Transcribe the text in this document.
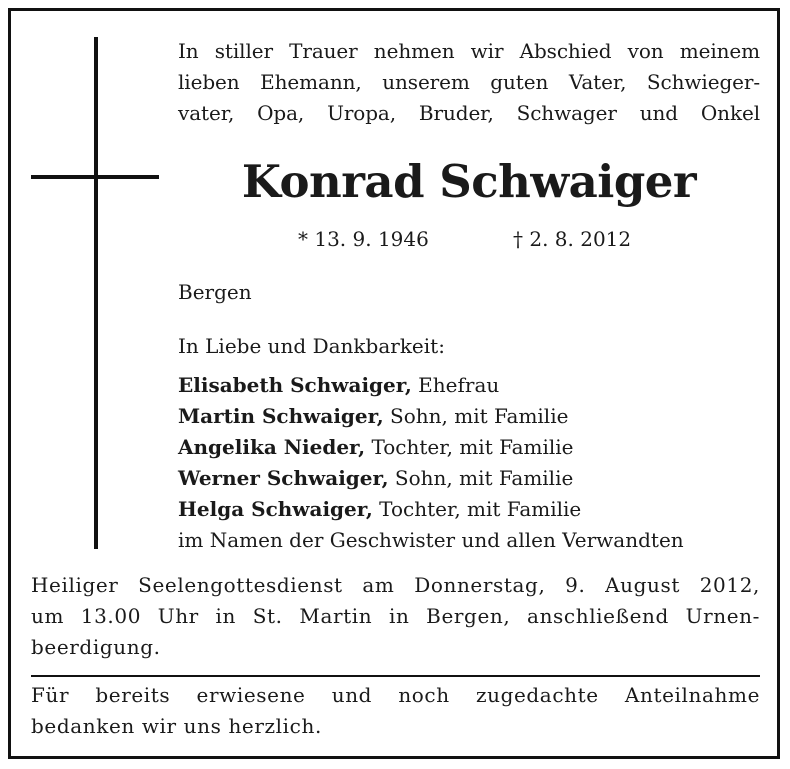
In stiller Trauer nehmen wir Abschied von meinem
lieben Ehemann, unserem guten Vater, Schwieger-
vater, Opa, Uropa, Bruder, Schwager und Onkel
Konrad Schwaiger
* 13. 9. 1946	† 2. 8. 2012
Bergen
In Liebe und Dankbarkeit:
Elisabeth Schwaiger, Ehefrau
Martin Schwaiger, Sohn, mit Familie
Angelika Nieder, Tochter, mit Familie
Werner Schwaiger, Sohn, mit Familie
Helga Schwaiger, Tochter, mit Familie
im Namen der Geschwister und allen Verwandten
Heiliger Seelengottesdienst am Donnerstag, 9. August 2012,
um 13.00 Uhr in St. Martin in Bergen, anschließend Urnen-
beerdigung.
Für bereits erwiesene und noch zugedachte Anteilnahme
bedanken wir uns herzlich.
